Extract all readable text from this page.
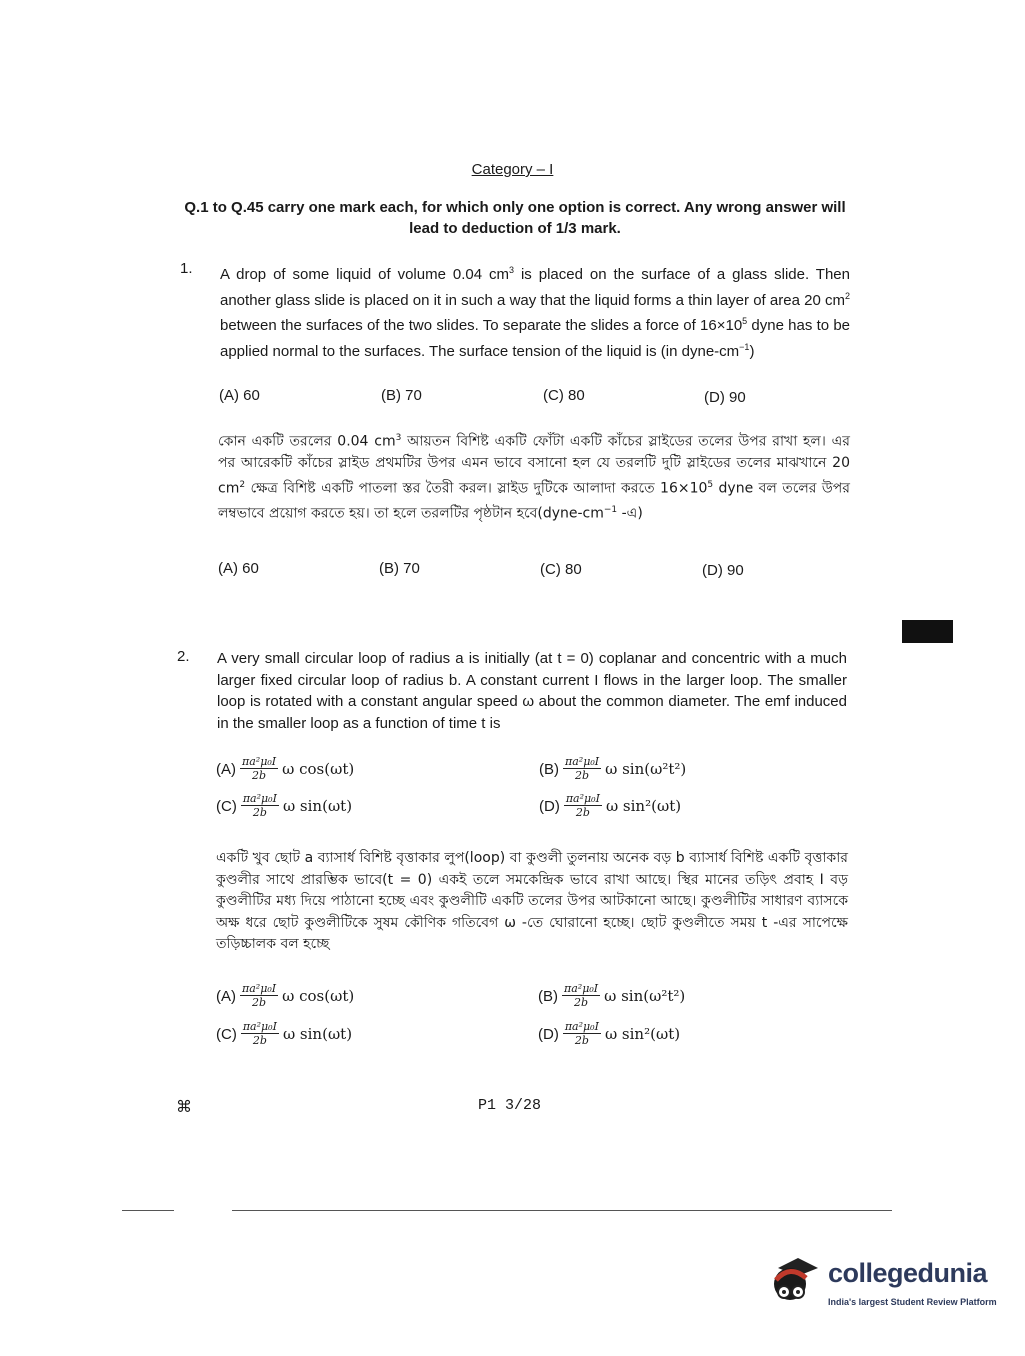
Category – I
Q.1 to Q.45 carry one mark each, for which only one option is correct. Any wrong answer will lead to deduction of 1/3 mark.
1. A drop of some liquid of volume 0.04 $cm^3$ is placed on the surface of a glass slide. Then another glass slide is placed on it in such a way that the liquid forms a thin layer of area 20 $cm^2$ between the surfaces of the two slides. To separate the slides a force of $16\times 10^5$ dyne has to be applied normal to the surfaces. The surface tension of the liquid is (in dyne-$cm^{-1}$)
(A) 60	(B) 70	(C) 80	(D) 90
কোন একটি তরলের 0.04 $cm^3$ আয়তন বিশিষ্ট একটি ফোঁটা একটি কাঁচের স্লাইডের তলের উপর রাখা হল। এর পর আরেকটি কাঁচের স্লাইড প্রথমটির উপর এমন ভাবে বসানো হল যে তরলটি দুটি স্লাইডের তলের মাঝখানে 20 $cm^2$ ক্ষেত্র বিশিষ্ট একটি পাতলা স্তর তৈরী করল। স্লাইড দুটিকে আলাদা করতে $16\times 10^5$ dyne বল তলের উপর লম্বভাবে প্রয়োগ করতে হয়। তা হলে তরলটির পৃষ্ঠটান $হবে(dyne-cm^{-1}$ -এ)
(A) 60	(B) 70	(C) 80	(D) 90
2. A very small circular loop of radius a is initially (at t = 0) coplanar and concentric with a much larger fixed circular loop of radius b. A constant current I flows in the larger loop. The smaller loop is rotated with a constant angular speed ω about the common diameter. The emf induced in the smaller loop as a function of time t is
$(A) \frac{\text{πa²μ₀I}}{2b}$ ω cos(ωt)	$(B) \frac{\text{πa²μ₀I}}{2b}$ ω sin(ω²t²)
$(C) \frac{\text{πa²μ₀I}}{2b}$ ω sin(ωt)	$(D) \frac{\text{πa²μ₀I}}{2b}$ ω sin²(ωt)
একটি খুব ছোট a ব্যাসার্ধ বিশিষ্ট বৃত্তাকার লুপ(loop) বা কুণ্ডলী তুলনায় অনেক বড় b ব্যাসার্ধ বিশিষ্ট একটি বৃত্তাকার কুণ্ডলীর সাথে প্রারম্ভিক ভাবে(t = 0) একই তলে সমকেন্দ্রিক ভাবে রাখা আছে। স্থির মানের তড়িৎ প্রবাহ I বড় কুণ্ডলীটির মধ্য দিয়ে পাঠানো হচ্ছে এবং কুণ্ডলীটি একটি তলের উপর আটকানো আছে। কুণ্ডলীটির সাধারণ ব্যাসকে অক্ষ ধরে ছোট কুণ্ডলীটিকে সুষম কৌণিক গতিবেগ ω -তে ঘোরানো হচ্ছে। ছোট কুণ্ডলীতে সময় t -এর সাপেক্ষে তড়িচ্চালক বল হচ্ছে
$(A) \frac{\text{πa²μ₀I}}{2b}$ ω cos(ωt)	$(B) \frac{\text{πa²μ₀I}}{2b}$ ω sin(ω²t²)
$(C) \frac{\text{πa²μ₀I}}{2b}$ ω sin(ωt)	$(D) \frac{\text{πa²μ₀I}}{2b}$ ω sin²(ωt)
⌘	P1 3/28
collegedunia
India's largest Student Review Platform
